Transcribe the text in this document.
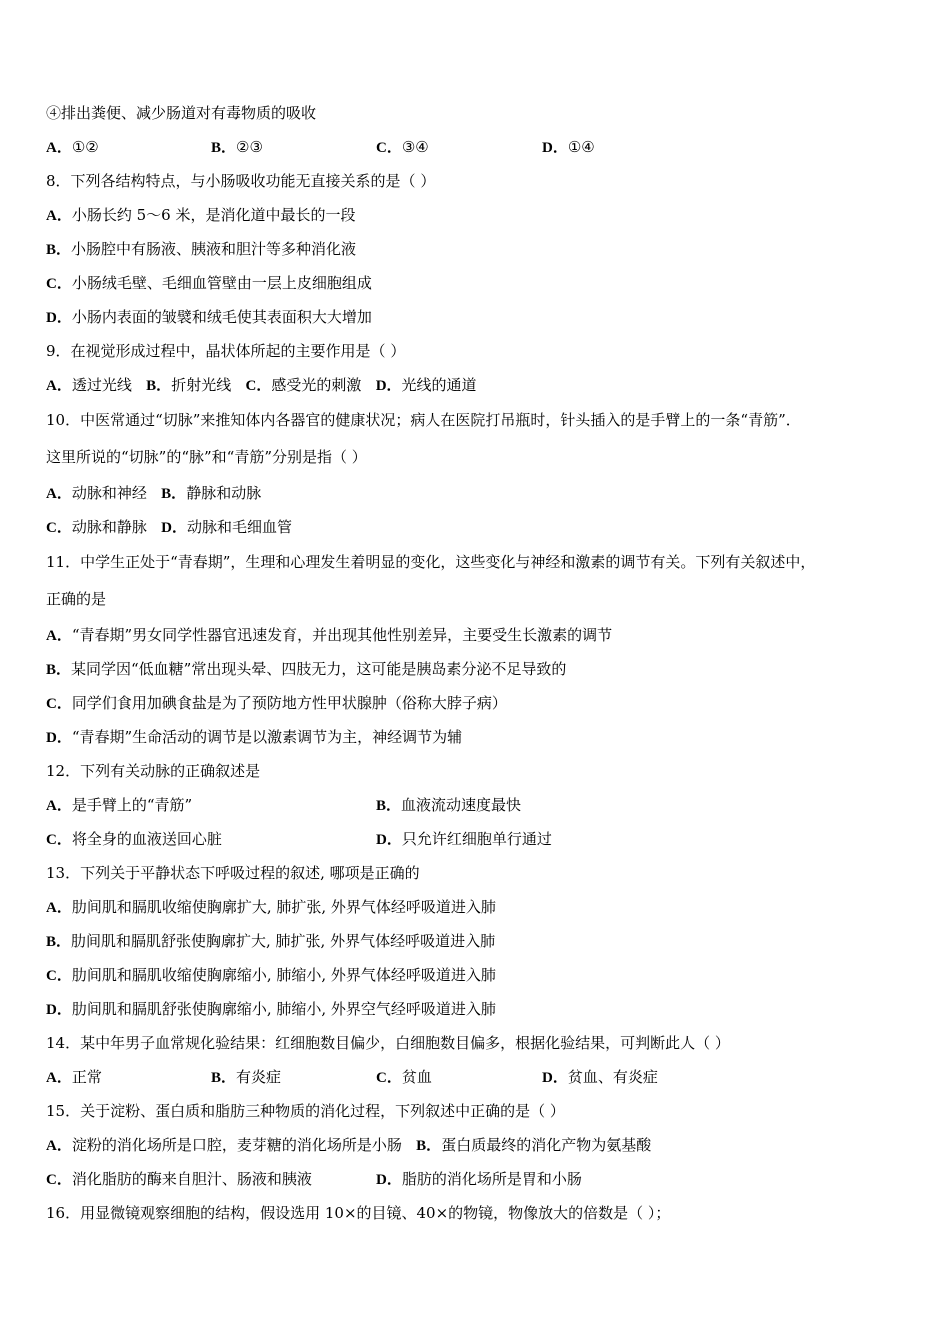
④排出粪便、减少肠道对有毒物质的吸收
A．①②	B．②③	C．③④	D．①④
8．下列各结构特点，与小肠吸收功能无直接关系的是（ ）
A．小肠长约 5～6 米，是消化道中最长的一段
B．小肠腔中有肠液、胰液和胆汁等多种消化液
C．小肠绒毛壁、毛细血管壁由一层上皮细胞组成
D．小肠内表面的皱襞和绒毛使其表面积大大增加
9．在视觉形成过程中，晶状体所起的主要作用是（ ）
A．透过光线 B．折射光线 C．感受光的刺激 D．光线的通道
10．中医常通过“切脉”来推知体内各器官的健康状况；病人在医院打吊瓶时，针头插入的是手臂上的一条“青筋”．
这里所说的“切脉”的“脉”和“青筋”分别是指（ ）
A．动脉和神经 B．静脉和动脉
C．动脉和静脉 D．动脉和毛细血管
11．中学生正处于“青春期”，生理和心理发生着明显的变化，这些变化与神经和激素的调节有关。下列有关叙述中，
正确的是
A．“青春期”男女同学性器官迅速发育，并出现其他性别差异，主要受生长激素的调节
B．某同学因“低血糖”常出现头晕、四肢无力，这可能是胰岛素分泌不足导致的
C．同学们食用加碘食盐是为了预防地方性甲状腺肿（俗称大脖子病）
D．“青春期”生命活动的调节是以激素调节为主，神经调节为辅
12．下列有关动脉的正确叙述是
A．是手臂上的“青筋”	B．血液流动速度最快
C．将全身的血液送回心脏	D．只允许红细胞单行通过
13．下列关于平静状态下呼吸过程的叙述, 哪项是正确的
A．肋间肌和膈肌收缩使胸廓扩大, 肺扩张, 外界气体经呼吸道进入肺
B．肋间肌和膈肌舒张使胸廓扩大, 肺扩张, 外界气体经呼吸道进入肺
C．肋间肌和膈肌收缩使胸廓缩小, 肺缩小, 外界气体经呼吸道进入肺
D．肋间肌和膈肌舒张使胸廓缩小, 肺缩小, 外界空气经呼吸道进入肺
14．某中年男子血常规化验结果：红细胞数目偏少，白细胞数目偏多，根据化验结果，可判断此人（ ）
A．正常	B．有炎症	C．贫血	D．贫血、有炎症
15．关于淀粉、蛋白质和脂肪三种物质的消化过程，下列叙述中正确的是（ ）
A．淀粉的消化场所是口腔，麦芽糖的消化场所是小肠 B．蛋白质最终的消化产物为氨基酸
C．消化脂肪的酶来自胆汁、肠液和胰液	D．脂肪的消化场所是胃和小肠
16．用显微镜观察细胞的结构，假设选用 10×的目镜、40×的物镜，物像放大的倍数是（ ）；
